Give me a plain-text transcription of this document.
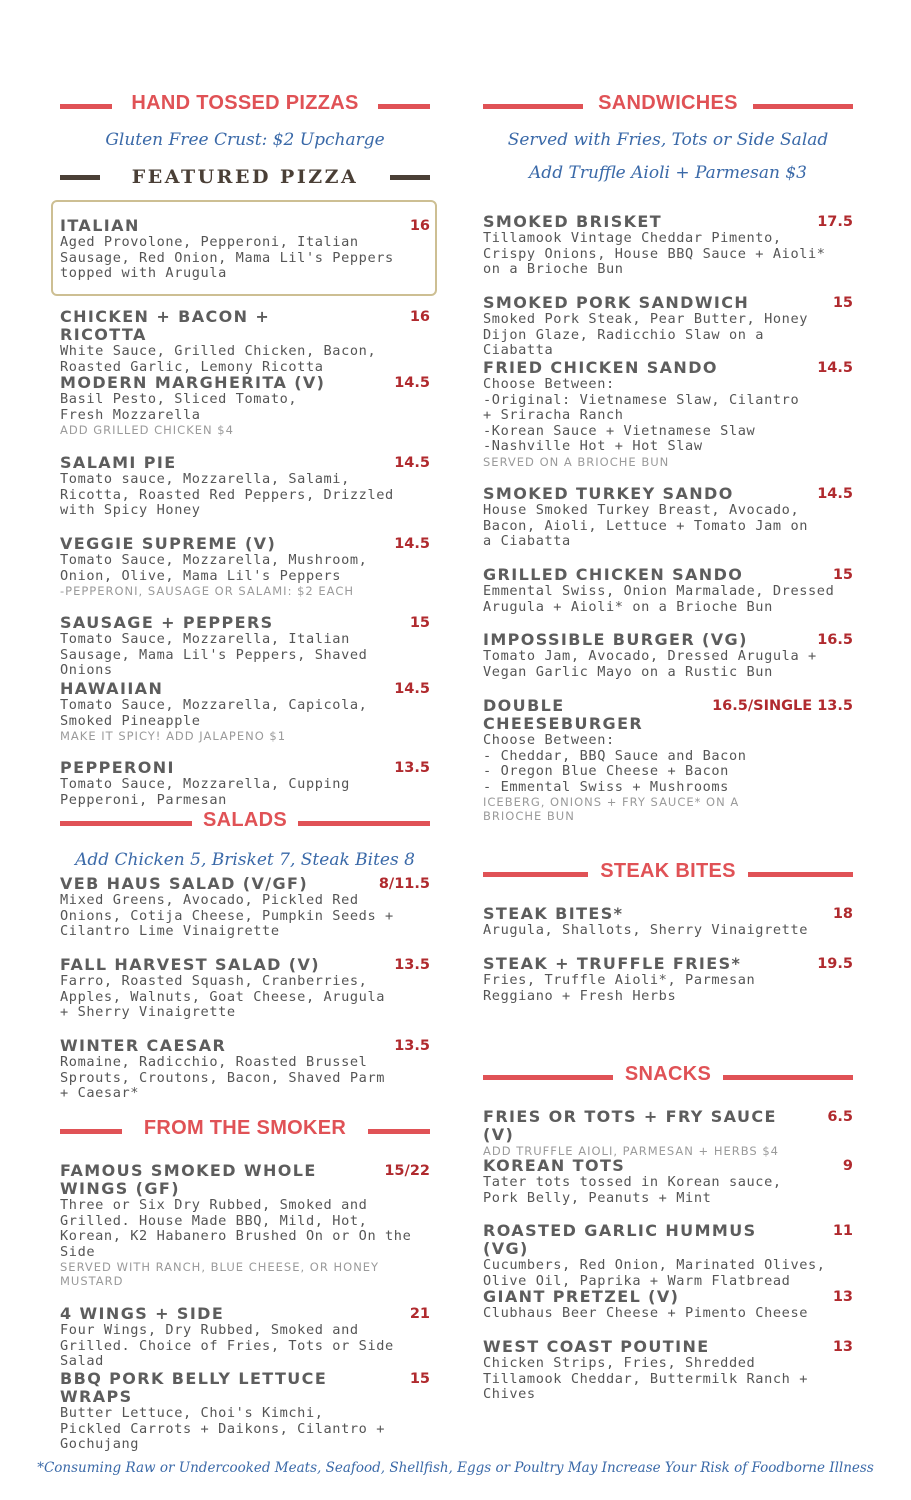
HAND TOSSED PIZZAS
Gluten Free Crust: $2 Upcharge
FEATURED PIZZA
ITALIAN	16
Aged Provolone, Pepperoni, Italian Sausage, Red Onion, Mama Lil's Peppers topped with Arugula
CHICKEN + BACON + RICOTTA
16
White Sauce, Grilled Chicken, Bacon, Roasted Garlic, Lemony Ricotta
MODERN MARGHERITA (V)	14.5
Basil Pesto, Sliced Tomato, Fresh Mozzarella
ADD GRILLED CHICKEN $4
SALAMI PIE	14.5
Tomato sauce, Mozzarella, Salami, Ricotta, Roasted Red Peppers, Drizzled with Spicy Honey
VEGGIE SUPREME (V)	14.5
Tomato Sauce, Mozzarella, Mushroom, Onion, Olive, Mama Lil's Peppers
-PEPPERONI, SAUSAGE OR SALAMI: $2 EACH
SAUSAGE + PEPPERS	15
Tomato Sauce, Mozzarella, Italian Sausage, Mama Lil's Peppers, Shaved Onions
HAWAIIAN	14.5
Tomato Sauce, Mozzarella, Capicola, Smoked Pineapple
MAKE IT SPICY! ADD JALAPENO $1
PEPPERONI	13.5
Tomato Sauce, Mozzarella, Cupping Pepperoni, Parmesan
SALADS
Add Chicken 5, Brisket 7, Steak Bites 8
VEB HAUS SALAD (V/GF)	8/11.5
Mixed Greens, Avocado, Pickled Red Onions, Cotija Cheese, Pumpkin Seeds + Cilantro Lime Vinaigrette
FALL HARVEST SALAD (V)	13.5
Farro, Roasted Squash, Cranberries, Apples, Walnuts, Goat Cheese, Arugula + Sherry Vinaigrette
WINTER CAESAR	13.5
Romaine, Radicchio, Roasted Brussel Sprouts, Croutons, Bacon, Shaved Parm + Caesar*
FROM THE SMOKER
FAMOUS SMOKED WHOLE WINGS (GF)
15/22
Three or Six Dry Rubbed, Smoked and Grilled. House Made BBQ, Mild, Hot, Korean, K2 Habanero Brushed On or On the Side
SERVED WITH RANCH, BLUE CHEESE, OR HONEY MUSTARD
4 WINGS + SIDE	21
Four Wings, Dry Rubbed, Smoked and Grilled. Choice of Fries, Tots or Side Salad
BBQ PORK BELLY LETTUCE WRAPS
15
Butter Lettuce, Choi's Kimchi, Pickled Carrots + Daikons, Cilantro + Gochujang
SANDWICHES
Served with Fries, Tots or Side Salad
Add Truffle Aioli + Parmesan $3
SMOKED BRISKET	17.5
Tillamook Vintage Cheddar Pimento, Crispy Onions, House BBQ Sauce + Aioli* on a Brioche Bun
SMOKED PORK SANDWICH	15
Smoked Pork Steak, Pear Butter, Honey Dijon Glaze, Radicchio Slaw on a Ciabatta
FRIED CHICKEN SANDO	14.5
Choose Between:
-Original: Vietnamese Slaw, Cilantro + Sriracha Ranch
-Korean Sauce + Vietnamese Slaw
-Nashville Hot + Hot Slaw
SERVED ON A BRIOCHE BUN
SMOKED TURKEY SANDO	14.5
House Smoked Turkey Breast, Avocado, Bacon, Aioli, Lettuce + Tomato Jam on a Ciabatta
GRILLED CHICKEN SANDO	15
Emmental Swiss, Onion Marmalade, Dressed Arugula + Aioli* on a Brioche Bun
IMPOSSIBLE BURGER (VG)	16.5
Tomato Jam, Avocado, Dressed Arugula + Vegan Garlic Mayo on a Rustic Bun
DOUBLE CHEESEBURGER
16.5/SINGLE 13.5
Choose Between:
- Cheddar, BBQ Sauce and Bacon
- Oregon Blue Cheese + Bacon
- Emmental Swiss + Mushrooms
ICEBERG, ONIONS + FRY SAUCE* ON A BRIOCHE BUN
STEAK BITES
STEAK BITES*	18
Arugula, Shallots, Sherry Vinaigrette
STEAK + TRUFFLE FRIES*	19.5
Fries, Truffle Aioli*, Parmesan Reggiano + Fresh Herbs
SNACKS
FRIES OR TOTS + FRY SAUCE (V)
6.5
ADD TRUFFLE AIOLI, PARMESAN + HERBS $4
KOREAN TOTS	9
Tater tots tossed in Korean sauce, Pork Belly, Peanuts + Mint
ROASTED GARLIC HUMMUS (VG)
11
Cucumbers, Red Onion, Marinated Olives, Olive Oil, Paprika + Warm Flatbread
GIANT PRETZEL (V)	13
Clubhaus Beer Cheese + Pimento Cheese
WEST COAST POUTINE	13
Chicken Strips, Fries, Shredded Tillamook Cheddar, Buttermilk Ranch + Chives
*Consuming Raw or Undercooked Meats, Seafood, Shellfish, Eggs or Poultry May Increase Your Risk of Foodborne Illness
